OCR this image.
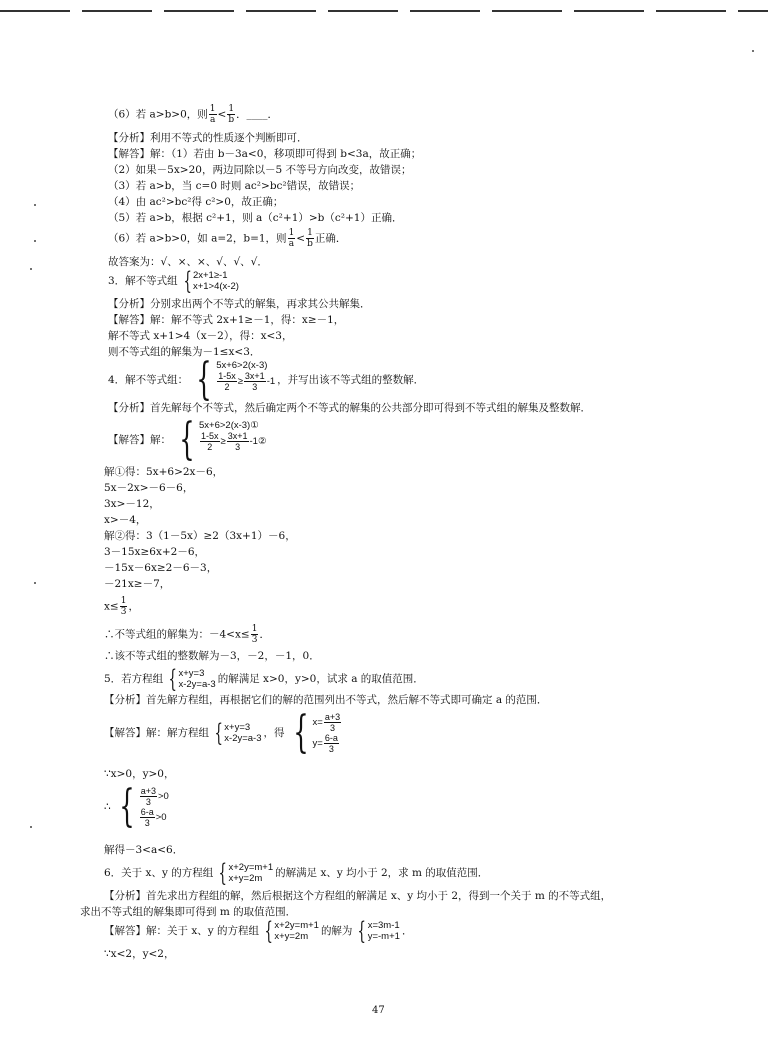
（6）若 a>b>0，则 $\frac{1}{a} < \frac{1}{b}$ ．____．
【分析】利用不等式的性质逐个判断即可．
【解答】解：（1）若由 b－3a<0，移项即可得到 b<3a，故正确；
（2）如果－5x>20，两边同除以－5 不等号方向改变，故错误；
（3）若 a>b，当 c=0 时则 ac²>bc²错误，故错误；
（4）由 ac²>bc²得 c²>0，故正确；
（5）若 a>b，根据 c²+1，则 a（c²+1）>b（c²+1）正确．
（6）若 a>b>0，如 a=2，b=1，则 $\frac{1}{a} < \frac{1}{b}$ 正确．
故答案为：√、×、×、√、√、√．
3．解不等式组 { 2x+1≥-1
x+1>4(x-2)
【分析】分别求出两个不等式的解集，再求其公共解集．
【解答】解：解不等式 2x+1≥－1，得：x≥－1，
解不等式 x+1>4（x－2），得：x<3，
则不等式组的解集为－1≤x<3．
4．解不等式组： { 5x+6>2(x-3)
$\frac{1-5x}{2} \ge \frac{3x+1}{3} -1$ ，并写出该不等式组的整数解．
【分析】首先解每个不等式，然后确定两个不等式的解集的公共部分即可得到不等式组的解集及整数解．
【解答】解： { 5x+6>2(x-3)①
$\frac{1-5x}{2} \ge \frac{3x+1}{3}$ -1②
解①得：5x+6>2x－6，
5x－2x>－6－6，
3x>－12，
x>－4，
解②得：3（1－5x）≥2（3x+1）－6，
3－15x≥6x+2－6，
－15x－6x≥2－6－3，
－21x≥－7，
$x\le \frac{1}{3}$ ，
∴不等式组的解集为：$-4<x\le \frac{1}{3}$ ．
∴该不等式组的整数解为－3，－2，－1，0．
5．若方程组 { x+y=3
x-2y=a-3 的解满足 x>0，y>0，试求 a 的取值范围．
【分析】首先解方程组，再根据它们的解的范围列出不等式，然后解不等式即可确定 a 的范围．
【解答】解：解方程组 { x+y=3
x-2y=a-3 ，得 { $x= \frac{a+3}{3}$
$y= \frac{6-a}{3}$
∵x>0，y>0，
∴ { $\frac{a+3}{3} >0$
$\frac{6-a}{3} >0$
解得－3<a<6．
6．关于 x、y 的方程组 { x+2y=m+1
x+y=2m	的解满足 x、y 均小于 2，求 m 的取值范围．
【分析】首先求出方程组的解，然后根据这个方程组的解满足 x、y 均小于 2，得到一个关于 m 的不等式组，
求出不等式组的解集即可得到 m 的取值范围．
【解答】解：关于 x、y 的方程组 { x+2y=m+1
x+y=2m	的解为 { x=3m-1
y=-m+1 ．
∵x<2，y<2，
47
